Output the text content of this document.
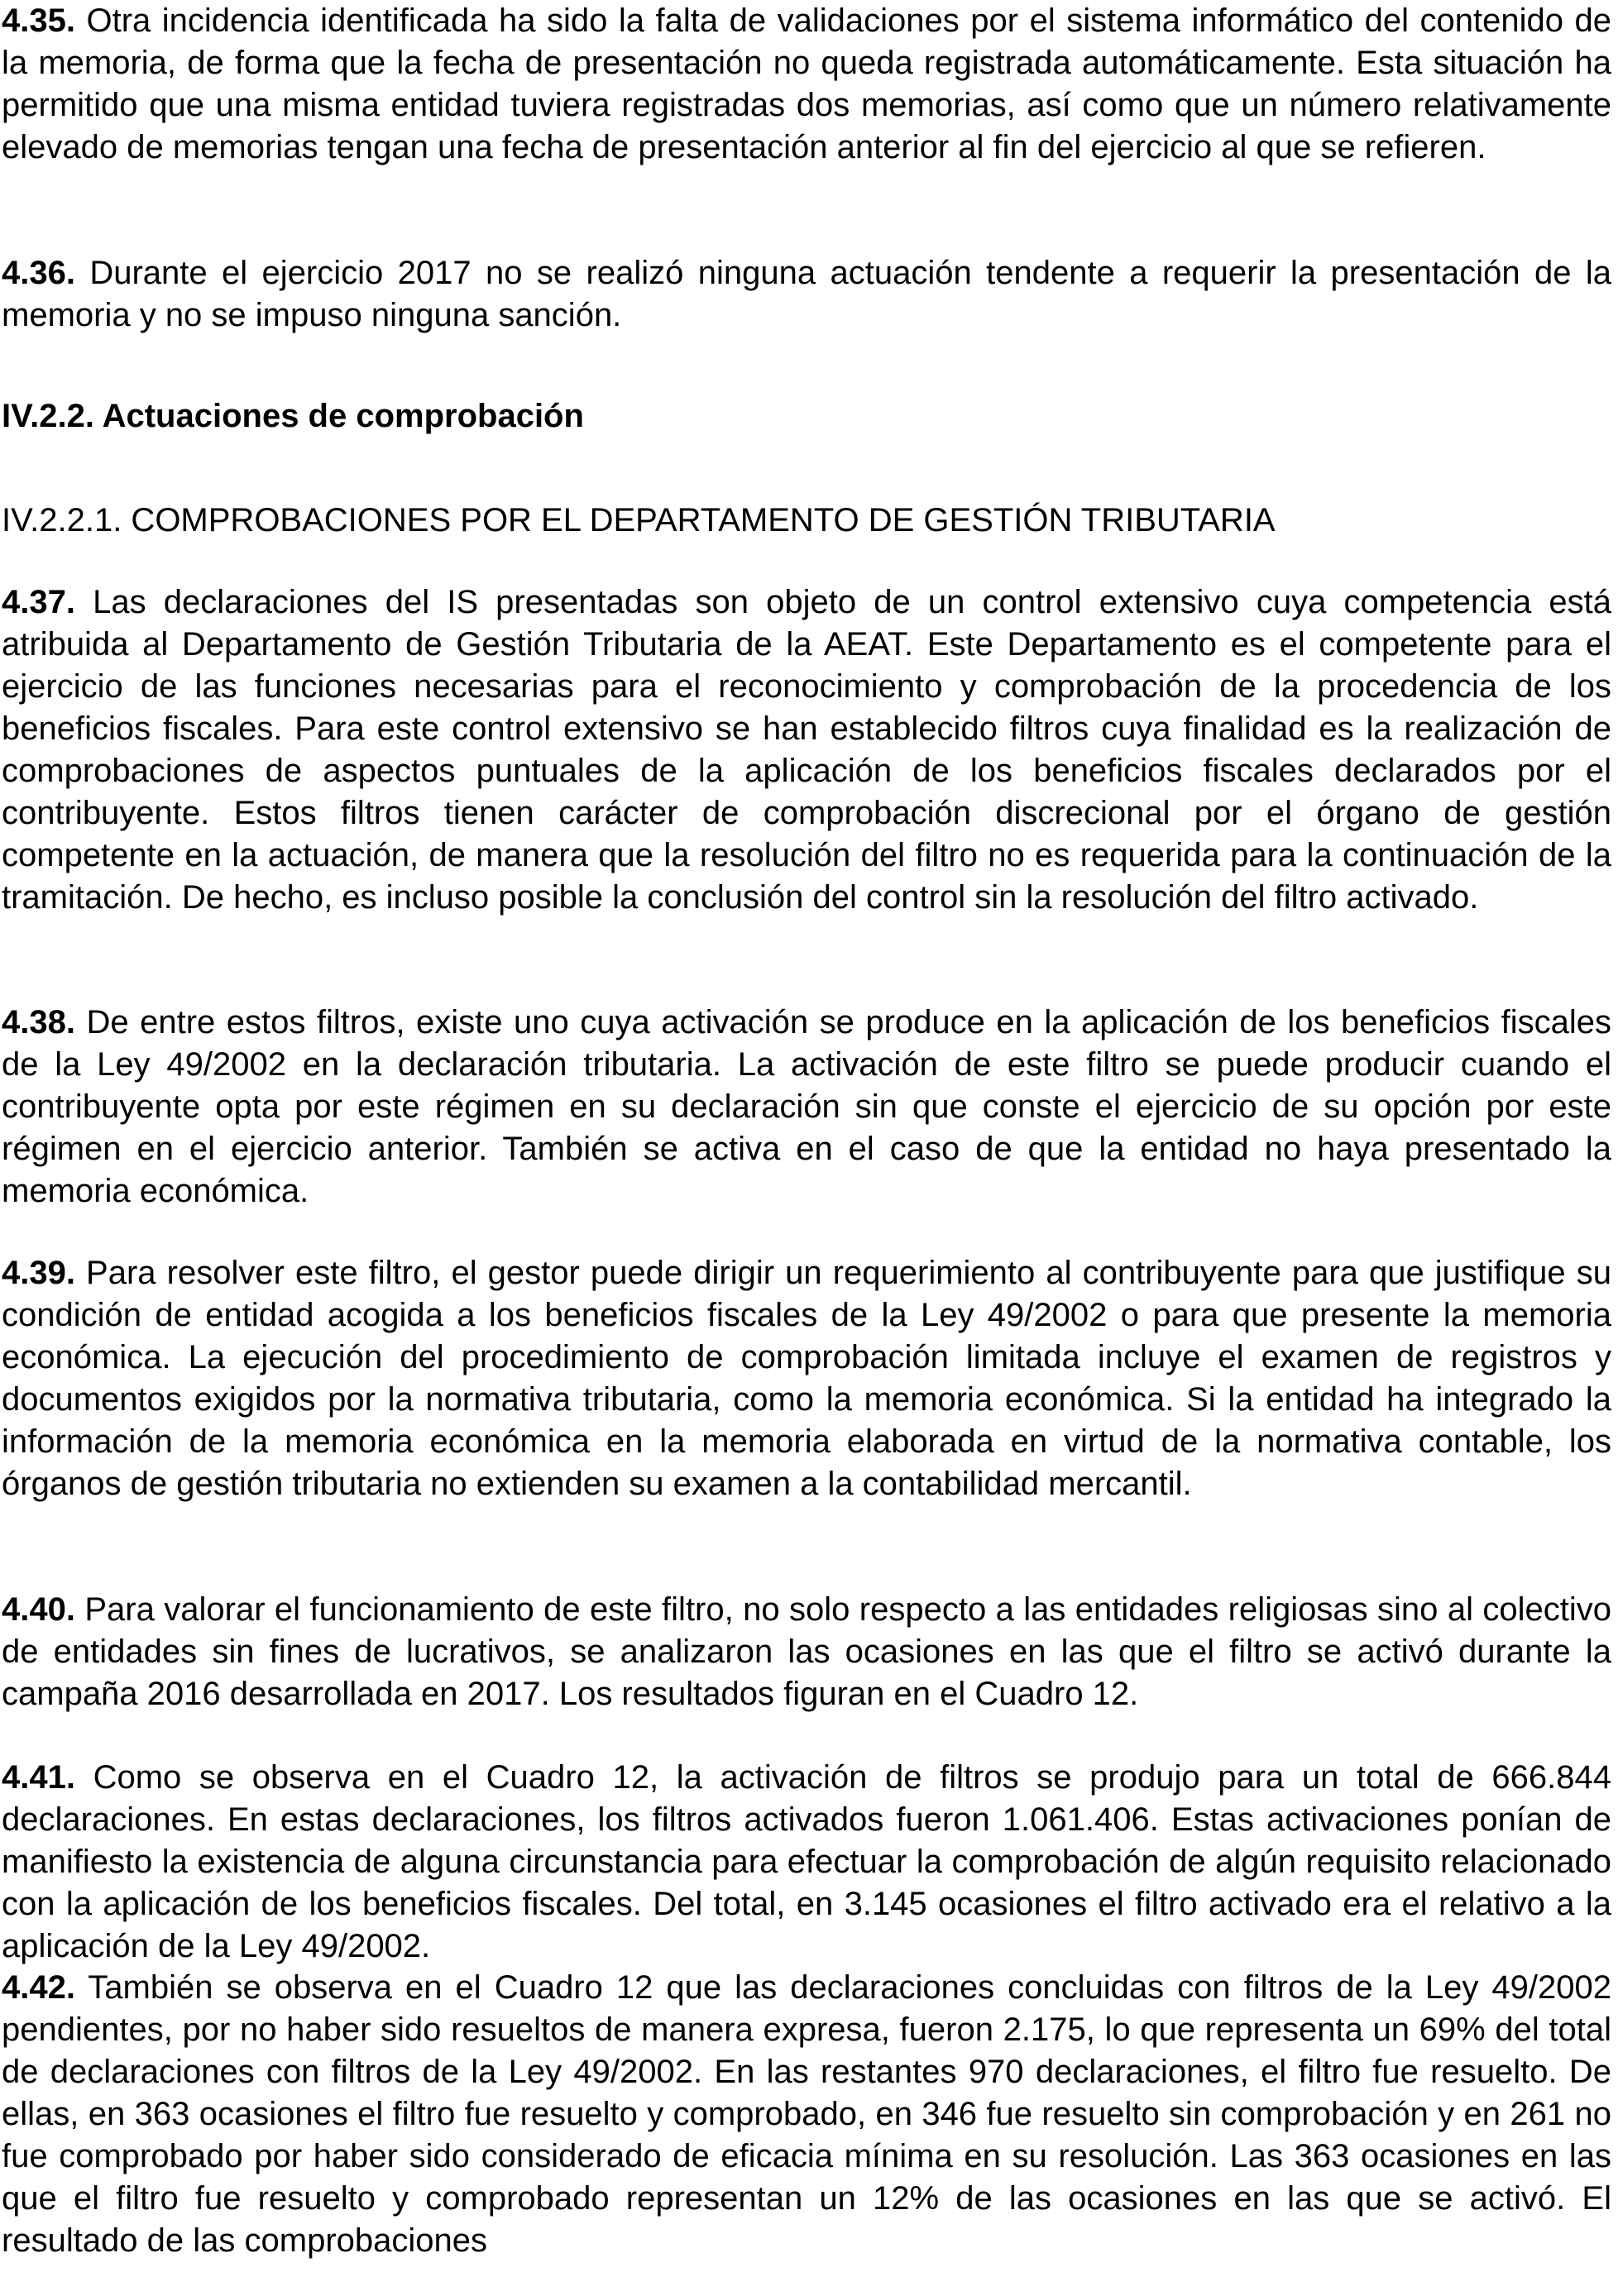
4.35. Otra incidencia identificada ha sido la falta de validaciones por el sistema informático del contenido de la memoria, de forma que la fecha de presentación no queda registrada automáticamente. Esta situación ha permitido que una misma entidad tuviera registradas dos memorias, así como que un número relativamente elevado de memorias tengan una fecha de presentación anterior al fin del ejercicio al que se refieren.

4.36. Durante el ejercicio 2017 no se realizó ninguna actuación tendente a requerir la presentación de la memoria y no se impuso ninguna sanción.

IV.2.2. Actuaciones de comprobación
IV.2.2.1. COMPROBACIONES POR EL DEPARTAMENTO DE GESTIÓN TRIBUTARIA

4.37. Las declaraciones del IS presentadas son objeto de un control extensivo cuya competencia está atribuida al Departamento de Gestión Tributaria de la AEAT. Este Departamento es el competente para el ejercicio de las funciones necesarias para el reconocimiento y comprobación de la procedencia de los beneficios fiscales. Para este control extensivo se han establecido filtros cuya finalidad es la realización de comprobaciones de aspectos puntuales de la aplicación de los beneficios fiscales declarados por el contribuyente. Estos filtros tienen carácter de comprobación discrecional por el órgano de gestión competente en la actuación, de manera que la resolución del filtro no es requerida para la continuación de la tramitación. De hecho, es incluso posible la conclusión del control sin la resolución del filtro activado.

4.38. De entre estos filtros, existe uno cuya activación se produce en la aplicación de los beneficios fiscales de la Ley 49/2002 en la declaración tributaria. La activación de este filtro se puede producir cuando el contribuyente opta por este régimen en su declaración sin que conste el ejercicio de su opción por este régimen en el ejercicio anterior. También se activa en el caso de que la entidad no haya presentado la memoria económica.

4.39. Para resolver este filtro, el gestor puede dirigir un requerimiento al contribuyente para que justifique su condición de entidad acogida a los beneficios fiscales de la Ley 49/2002 o para que presente la memoria económica. La ejecución del procedimiento de comprobación limitada incluye el examen de registros y documentos exigidos por la normativa tributaria, como la memoria económica. Si la entidad ha integrado la información de la memoria económica en la memoria elaborada en virtud de la normativa contable, los órganos de gestión tributaria no extienden su examen a la contabilidad mercantil.

4.40. Para valorar el funcionamiento de este filtro, no solo respecto a las entidades religiosas sino al colectivo de entidades sin fines de lucrativos, se analizaron las ocasiones en las que el filtro se activó durante la campaña 2016 desarrollada en 2017. Los resultados figuran en el Cuadro 12.

4.41. Como se observa en el Cuadro 12, la activación de filtros se produjo para un total de 666.844 declaraciones. En estas declaraciones, los filtros activados fueron 1.061.406. Estas activaciones ponían de manifiesto la existencia de alguna circunstancia para efectuar la comprobación de algún requisito relacionado con la aplicación de los beneficios fiscales. Del total, en 3.145 ocasiones el filtro activado era el relativo a la aplicación de la Ley 49/2002.

4.42. También se observa en el Cuadro 12 que las declaraciones concluidas con filtros de la Ley 49/2002 pendientes, por no haber sido resueltos de manera expresa, fueron 2.175, lo que representa un 69% del total de declaraciones con filtros de la Ley 49/2002. En las restantes 970 declaraciones, el filtro fue resuelto. De ellas, en 363 ocasiones el filtro fue resuelto y comprobado, en 346 fue resuelto sin comprobación y en 261 no fue comprobado por haber sido considerado de eficacia mínima en su resolución. Las 363 ocasiones en las que el filtro fue resuelto y comprobado representan un 12% de las ocasiones en las que se activó. El resultado de las comprobaciones
